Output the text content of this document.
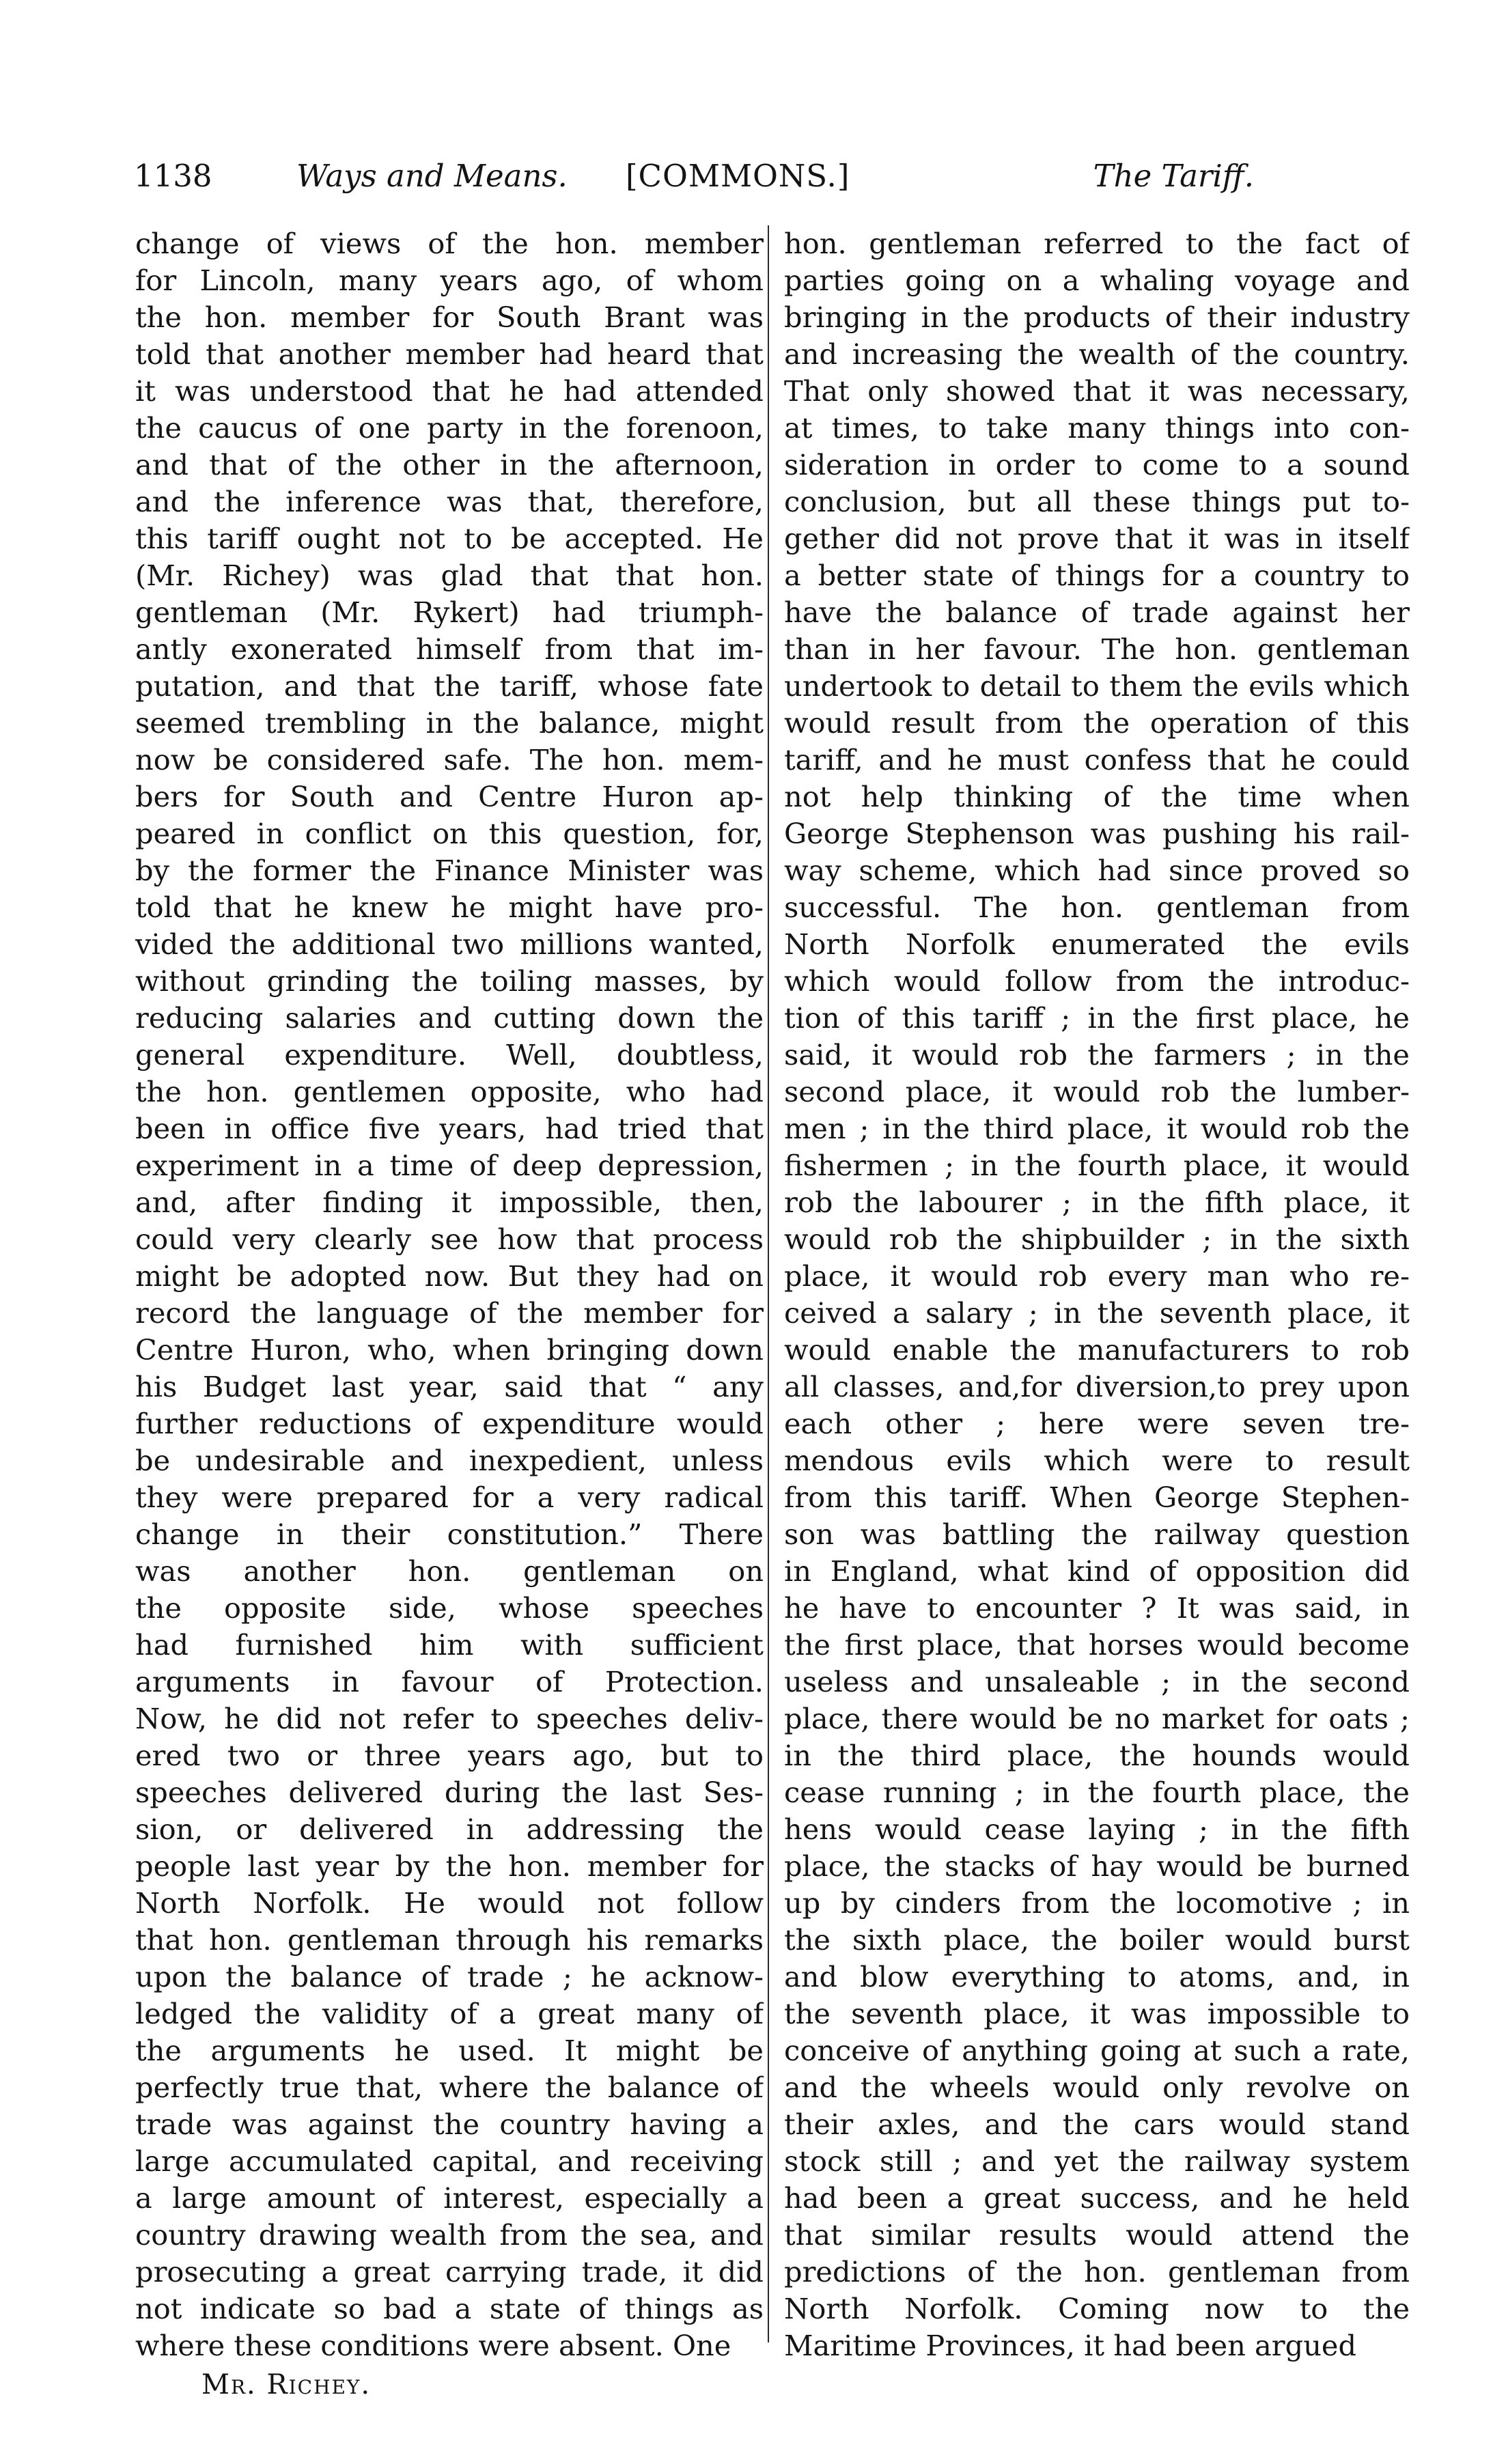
1138	Ways and Means. [COMMONS.]	The Tariff.
change of views of the hon. member
for Lincoln, many years ago, of whom
the hon. member for South Brant was
told that another member had heard that
it was understood that he had attended
the caucus of one party in the forenoon,
and that of the other in the afternoon,
and the inference was that, therefore,
this tariff ought not to be accepted. He
(Mr. Richey) was glad that that hon.
gentleman (Mr. Rykert) had triumph-
antly exonerated himself from that im-
putation, and that the tariff, whose fate
seemed trembling in the balance, might
now be considered safe. The hon. mem-
bers for South and Centre Huron ap-
peared in conflict on this question, for,
by the former the Finance Minister was
told that he knew he might have pro-
vided the additional two millions wanted,
without grinding the toiling masses, by
reducing salaries and cutting down the
general expenditure. Well, doubtless,
the hon. gentlemen opposite, who had
been in office five years, had tried that
experiment in a time of deep depression,
and, after finding it impossible, then,
could very clearly see how that process
might be adopted now. But they had on
record the language of the member for
Centre Huron, who, when bringing down
his Budget last year, said that “ any
further reductions of expenditure would
be undesirable and inexpedient, unless
they were prepared for a very radical
change in their constitution.” There
was another hon. gentleman on
the opposite side, whose speeches
had furnished him with sufficient
arguments in favour of Protection.
Now, he did not refer to speeches deliv-
ered two or three years ago, but to
speeches delivered during the last Ses-
sion, or delivered in addressing the
people last year by the hon. member for
North Norfolk. He would not follow
that hon. gentleman through his remarks
upon the balance of trade ; he acknow-
ledged the validity of a great many of
the arguments he used. It might be
perfectly true that, where the balance of
trade was against the country having a
large accumulated capital, and receiving
a large amount of interest, especially a
country drawing wealth from the sea, and
prosecuting a great carrying trade, it did
not indicate so bad a state of things as
where these conditions were absent. One
hon. gentleman referred to the fact of
parties going on a whaling voyage and
bringing in the products of their industry
and increasing the wealth of the country.
That only showed that it was necessary,
at times, to take many things into con-
sideration in order to come to a sound
conclusion, but all these things put to-
gether did not prove that it was in itself
a better state of things for a country to
have the balance of trade against her
than in her favour. The hon. gentleman
undertook to detail to them the evils which
would result from the operation of this
tariff, and he must confess that he could
not help thinking of the time when
George Stephenson was pushing his rail-
way scheme, which had since proved so
successful. The hon. gentleman from
North Norfolk enumerated the evils
which would follow from the introduc-
tion of this tariff ; in the first place, he
said, it would rob the farmers ; in the
second place, it would rob the lumber-
men ; in the third place, it would rob the
fishermen ; in the fourth place, it would
rob the labourer ; in the fifth place, it
would rob the shipbuilder ; in the sixth
place, it would rob every man who re-
ceived a salary ; in the seventh place, it
would enable the manufacturers to rob
all classes, and,for diversion,to prey upon
each other ; here were seven tre-
mendous evils which were to result
from this tariff. When George Stephen-
son was battling the railway question
in England, what kind of opposition did
he have to encounter ? It was said, in
the first place, that horses would become
useless and unsaleable ; in the second
place, there would be no market for oats ;
in the third place, the hounds would
cease running ; in the fourth place, the
hens would cease laying ; in the fifth
place, the stacks of hay would be burned
up by cinders from the locomotive ; in
the sixth place, the boiler would burst
and blow everything to atoms, and, in
the seventh place, it was impossible to
conceive of anything going at such a rate,
and the wheels would only revolve on
their axles, and the cars would stand
stock still ; and yet the railway system
had been a great success, and he held
that similar results would attend the
predictions of the hon. gentleman from
North Norfolk. Coming now to the
Maritime Provinces, it had been argued
Mr. Richey.
